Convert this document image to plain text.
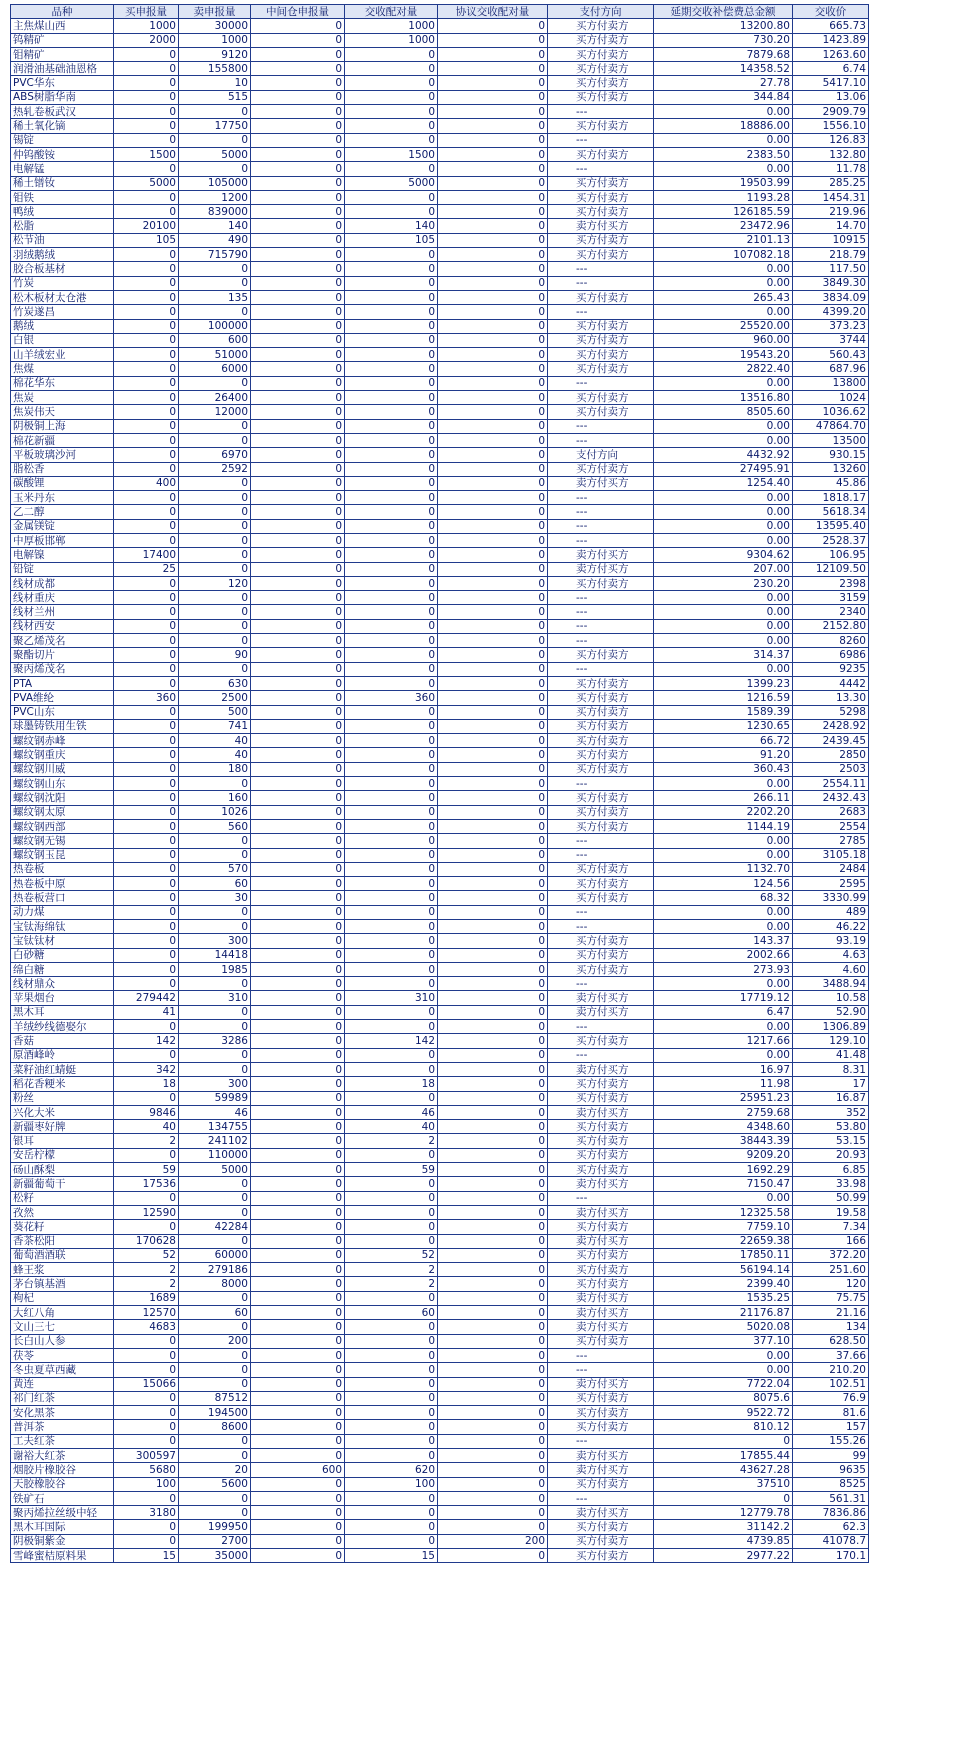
品种	买申报量	卖申报量	中间仓申报量	交收配对量	协议交收配对量	支付方向	延期交收补偿费总金额	交收价
主焦煤山西	1000	30000	0	1000	0	买方付卖方	13200.80	665.73
钨精矿	2000	1000	0	1000	0	买方付卖方	730.20	1423.89
钼精矿	0	9120	0	0	0	买方付卖方	7879.68	1263.60
润滑油基础油恩格	0	155800	0	0	0	买方付卖方	14358.52	6.74
PVC华东	0	10	0	0	0	买方付卖方	27.78	5417.10
ABS树脂华南	0	515	0	0	0	买方付卖方	344.84	13.06
热轧卷板武汉	0	0	0	0	0	---	0.00	2909.79
稀土氧化镝	0	17750	0	0	0	买方付卖方	18886.00	1556.10
锡锭	0	0	0	0	0	---	0.00	126.83
仲钨酸铵	1500	5000	0	1500	0	买方付卖方	2383.50	132.80
电解锰	0	0	0	0	0	---	0.00	11.78
稀土镨钕	5000	105000	0	5000	0	买方付卖方	19503.99	285.25
钼铁	0	1200	0	0	0	买方付卖方	1193.28	1454.31
鸭绒	0	839000	0	0	0	买方付卖方	126185.59	219.96
松脂	20100	140	0	140	0	卖方付买方	23472.96	14.70
松节油	105	490	0	105	0	买方付卖方	2101.13	10915
羽绒鹅绒	0	715790	0	0	0	买方付卖方	107082.18	218.79
胶合板基材	0	0	0	0	0	---	0.00	117.50
竹炭	0	0	0	0	0	---	0.00	3849.30
松木板材太仓港	0	135	0	0	0	买方付卖方	265.43	3834.09
竹炭遂昌	0	0	0	0	0	---	0.00	4399.20
鹅绒	0	100000	0	0	0	买方付卖方	25520.00	373.23
白银	0	600	0	0	0	买方付卖方	960.00	3744
山羊绒宏业	0	51000	0	0	0	买方付卖方	19543.20	560.43
焦煤	0	6000	0	0	0	买方付卖方	2822.40	687.96
棉花华东	0	0	0	0	0	---	0.00	13800
焦炭	0	26400	0	0	0	买方付卖方	13516.80	1024
焦炭伟天	0	12000	0	0	0	买方付卖方	8505.60	1036.62
阴极铜上海	0	0	0	0	0	---	0.00	47864.70
棉花新疆	0	0	0	0	0	---	0.00	13500
平板玻璃沙河	0	6970	0	0	0	支付方向	4432.92	930.15
脂松香	0	2592	0	0	0	买方付卖方	27495.91	13260
碳酸锂	400	0	0	0	0	卖方付买方	1254.40	45.86
玉米丹东	0	0	0	0	0	---	0.00	1818.17
乙二醇	0	0	0	0	0	---	0.00	5618.34
金属镁锭	0	0	0	0	0	---	0.00	13595.40
中厚板邯郸	0	0	0	0	0	---	0.00	2528.37
电解镍	17400	0	0	0	0	卖方付买方	9304.62	106.95
铅锭	25	0	0	0	0	卖方付买方	207.00	12109.50
线材成都	0	120	0	0	0	买方付卖方	230.20	2398
线材重庆	0	0	0	0	0	---	0.00	3159
线材兰州	0	0	0	0	0	---	0.00	2340
线材西安	0	0	0	0	0	---	0.00	2152.80
聚乙烯茂名	0	0	0	0	0	---	0.00	8260
聚酯切片	0	90	0	0	0	买方付卖方	314.37	6986
聚丙烯茂名	0	0	0	0	0	---	0.00	9235
PTA	0	630	0	0	0	买方付卖方	1399.23	4442
PVA维纶	360	2500	0	360	0	买方付卖方	1216.59	13.30
PVC山东	0	500	0	0	0	买方付卖方	1589.39	5298
球墨铸铁用生铁	0	741	0	0	0	买方付卖方	1230.65	2428.92
螺纹钢赤峰	0	40	0	0	0	买方付卖方	66.72	2439.45
螺纹钢重庆	0	40	0	0	0	买方付卖方	91.20	2850
螺纹钢川威	0	180	0	0	0	买方付卖方	360.43	2503
螺纹钢山东	0	0	0	0	0	---	0.00	2554.11
螺纹钢沈阳	0	160	0	0	0	买方付卖方	266.11	2432.43
螺纹钢太原	0	1026	0	0	0	买方付卖方	2202.20	2683
螺纹钢西部	0	560	0	0	0	买方付卖方	1144.19	2554
螺纹钢无锡	0	0	0	0	0	---	0.00	2785
螺纹钢玉昆	0	0	0	0	0	---	0.00	3105.18
热卷板	0	570	0	0	0	买方付卖方	1132.70	2484
热卷板中原	0	60	0	0	0	买方付卖方	124.56	2595
热卷板营口	0	30	0	0	0	买方付卖方	68.32	3330.99
动力煤	0	0	0	0	0	---	0.00	489
宝钛海绵钛	0	0	0	0	0	---	0.00	46.22
宝钛钛材	0	300	0	0	0	买方付卖方	143.37	93.19
白砂糖	0	14418	0	0	0	买方付卖方	2002.66	4.63
绵白糖	0	1985	0	0	0	买方付卖方	273.93	4.60
线材鼎众	0	0	0	0	0	---	0.00	3488.94
苹果烟台	279442	310	0	310	0	卖方付买方	17719.12	10.58
黑木耳	41	0	0	0	0	卖方付买方	6.47	52.90
羊绒纱线德娶尔	0	0	0	0	0	---	0.00	1306.89
香菇	142	3286	0	142	0	买方付卖方	1217.66	129.10
原酒峰岭	0	0	0	0	0	---	0.00	41.48
菜籽油红蜻蜓	342	0	0	0	0	卖方付买方	16.97	8.31
稻花香粳米	18	300	0	18	0	买方付卖方	11.98	17
粉丝	0	59989	0	0	0	买方付卖方	25951.23	16.87
兴化大米	9846	46	0	46	0	卖方付买方	2759.68	352
新疆枣好牌	40	134755	0	40	0	买方付卖方	4348.60	53.80
银耳	2	241102	0	2	0	买方付卖方	38443.39	53.15
安岳柠檬	0	110000	0	0	0	买方付卖方	9209.20	20.93
砀山酥梨	59	5000	0	59	0	买方付卖方	1692.29	6.85
新疆葡萄干	17536	0	0	0	0	卖方付买方	7150.47	33.98
松籽	0	0	0	0	0	---	0.00	50.99
孜然	12590	0	0	0	0	卖方付买方	12325.58	19.58
葵花籽	0	42284	0	0	0	买方付卖方	7759.10	7.34
香茶松阳	170628	0	0	0	0	卖方付买方	22659.38	166
葡萄酒酒联	52	60000	0	52	0	买方付卖方	17850.11	372.20
蜂王浆	2	279186	0	2	0	买方付卖方	56194.14	251.60
茅台镇基酒	2	8000	0	2	0	买方付卖方	2399.40	120
枸杞	1689	0	0	0	0	卖方付买方	1535.25	75.75
大红八角	12570	60	0	60	0	卖方付买方	21176.87	21.16
文山三七	4683	0	0	0	0	卖方付买方	5020.08	134
长白山人参	0	200	0	0	0	买方付卖方	377.10	628.50
茯苓	0	0	0	0	0	---	0.00	37.66
冬虫夏草西藏	0	0	0	0	0	---	0.00	210.20
黄连	15066	0	0	0	0	卖方付买方	7722.04	102.51
祁门红茶	0	87512	0	0	0	买方付卖方	8075.6	76.9
安化黑茶	0	194500	0	0	0	买方付卖方	9522.72	81.6
普洱茶	0	8600	0	0	0	买方付卖方	810.12	157
工夫红茶	0	0	0	0	0	---	0	155.26
谢裕大红茶	300597	0	0	0	0	卖方付买方	17855.44	99
烟胶片橡胶谷	5680	20	600	620	0	卖方付买方	43627.28	9635
天胶橡胶谷	100	5600	0	100	0	买方付卖方	37510	8525
铁矿石	0	0	0	0	0	---	0	561.31
聚丙烯拉丝级中轻	3180	0	0	0	0	卖方付买方	12779.78	7836.86
黑木耳国际	0	199950	0	0	0	买方付卖方	31142.2	62.3
阴极铜紫金	0	2700	0	0	200	买方付卖方	4739.85	41078.7
雪峰蜜桔原料果	15	35000	0	15	0	买方付卖方	2977.22	170.1
